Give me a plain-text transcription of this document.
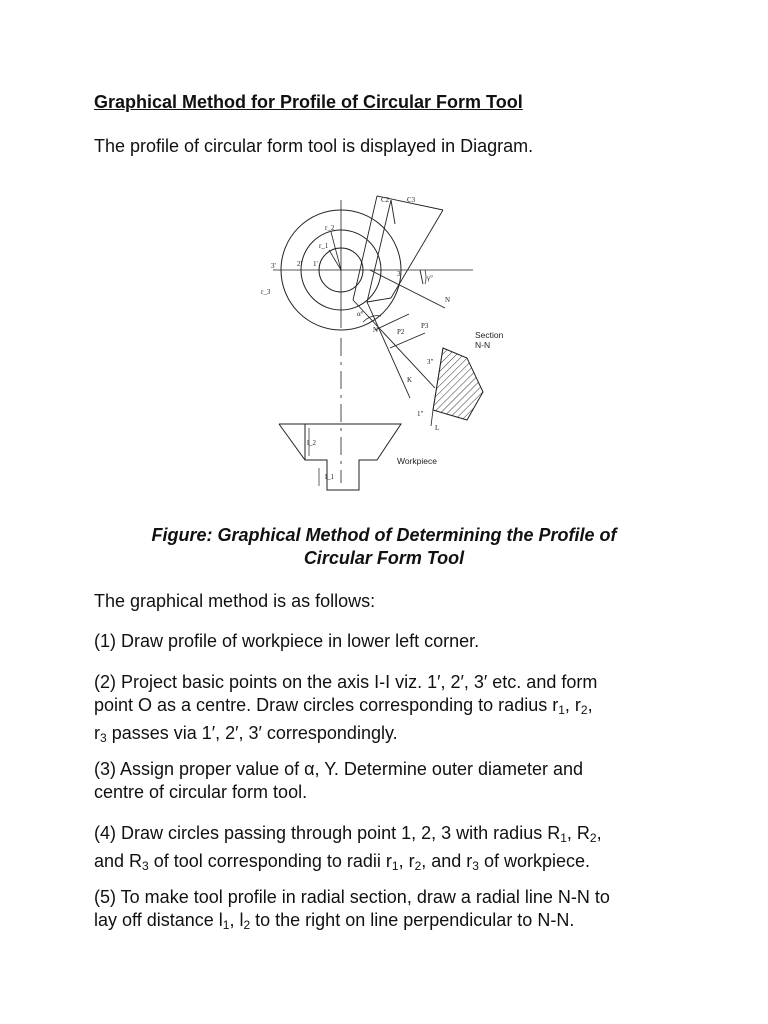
Graphical Method for Profile of Circular Form Tool
The profile of circular form tool is displayed in Diagram.
r_2
r_1
r_3
3'	2' 1'
3	γ°
C2	C3
α°
N
N
P2
P3
Section
N-N
K
L
1"
3"
l_2
l_1
Workpiece
Figure: Graphical Method of Determining the Profile of
Circular Form Tool
The graphical method is as follows:
(1) Draw profile of workpiece in lower left corner.
(2) Project basic points on the axis I-I viz. 1′, 2′, 3′ etc. and form
point O as a centre. Draw circles corresponding to radius $r_1$, $r_2$,
$r_3$ passes via 1′, 2′, 3′ correspondingly.
(3) Assign proper value of α, Υ. Determine outer diameter and
centre of circular form tool.
(4) Draw circles passing through point 1, 2, 3 with radius $R_1$, $R_2$,
and $R_3$ of tool corresponding to radii $r_1$, $r_2$, and $r_3$ of workpiece.
(5) To make tool profile in radial section, draw a radial line N-N to
lay off distance $l_1$, $l_2$ to the right on line perpendicular to N-N.
